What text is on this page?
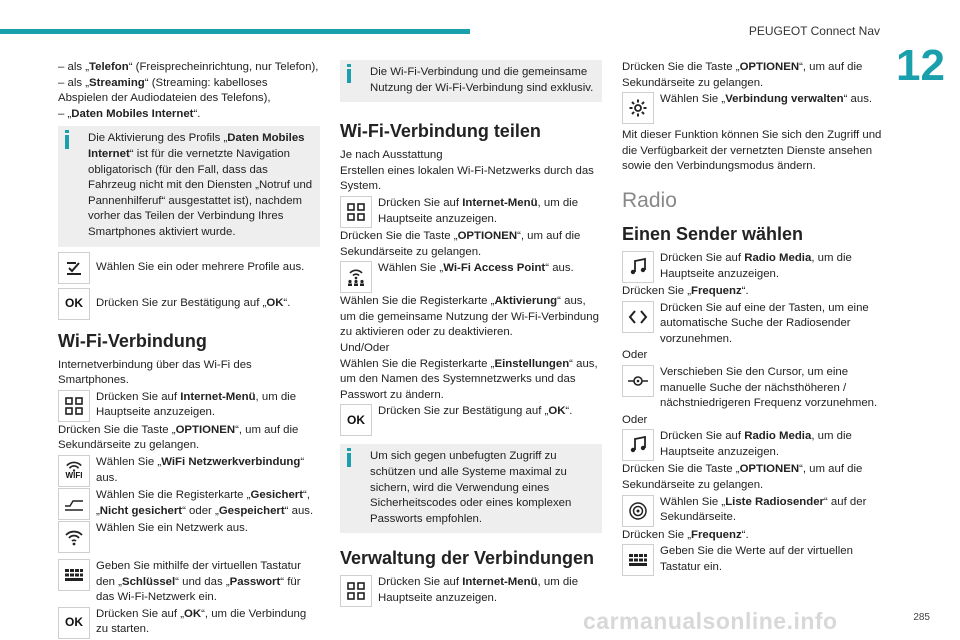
PEUGEOT Connect Nav
12

– als „Telefon“ (Freisprecheinrichtung, nur Telefon),

– als „Streaming“ (Streaming: kabelloses Abspielen der Audiodateien des Telefons),

– „Daten Mobiles Internet“.

Die Aktivierung des Profils „Daten Mobiles Internet“ ist für die vernetzte Navigation obligatorisch (für den Fall, dass das Fahrzeug nicht mit den Diensten „Notruf und Pannenhilferuf“ ausgestattet ist), nachdem vorher das Teilen der Verbindung Ihres Smartphones aktiviert wurde.
Wählen Sie ein oder mehrere Profile aus.
OK Drücken Sie zur Bestätigung auf „OK“.
Wi-Fi-Verbindung

Internetverbindung über das Wi-Fi des Smartphones.

Drücken Sie auf Internet-Menü, um die Hauptseite anzuzeigen.

Drücken Sie die Taste „OPTIONEN“, um auf die Sekundärseite zu gelangen.

WIFI
Wählen Sie „WiFi Netzwerkverbindung“ aus.
Wählen Sie die Registerkarte „Gesichert“, „Nicht gesichert“ oder „Gespeichert“ aus.
Wählen Sie ein Netzwerk aus.
Geben Sie mithilfe der virtuellen Tastatur den „Schlüssel“ und das „Passwort“ für das Wi-Fi-Netzwerk ein.
OK
Drücken Sie auf „OK“, um die Verbindung zu starten.
Die Wi-Fi-Verbindung und die gemeinsame Nutzung der Wi-Fi-Verbindung sind exklusiv.
Wi-Fi-Verbindung teilen

Je nach Ausstattung

Erstellen eines lokalen Wi-Fi-Netzwerks durch das System.

Drücken Sie auf Internet-Menü, um die Hauptseite anzuzeigen.

Drücken Sie die Taste „OPTIONEN“, um auf die Sekundärseite zu gelangen.

Wählen Sie „Wi-Fi Access Point“ aus.

Wählen Sie die Registerkarte „Aktivierung“ aus, um die gemeinsame Nutzung der Wi-Fi-Verbindung zu aktivieren oder zu deaktivieren.

Und/Oder

Wählen Sie die Registerkarte „Einstellungen“ aus, um den Namen des Systemnetzwerks und das Passwort zu ändern.

OK
Drücken Sie zur Bestätigung auf „OK“.
Um sich gegen unbefugten Zugriff zu schützen und alle Systeme maximal zu sichern, wird die Verwendung eines Sicherheitscodes oder eines komplexen Passworts empfohlen.
Verwaltung der Verbindungen
Drücken Sie auf Internet-Menü, um die Hauptseite anzuzeigen.

Drücken Sie die Taste „OPTIONEN“, um auf die Sekundärseite zu gelangen.

Wählen Sie „Verbindung verwalten“ aus.

Mit dieser Funktion können Sie sich den Zugriff und die Verfügbarkeit der vernetzten Dienste ansehen sowie den Verbindungsmodus ändern.

Radio
Einen Sender wählen
Drücken Sie auf Radio Media, um die Hauptseite anzuzeigen.

Drücken Sie „Frequenz“.

Drücken Sie auf eine der Tasten, um eine automatische Suche der Radiosender vorzunehmen.

Oder

Verschieben Sie den Cursor, um eine manuelle Suche der nächsthöheren / nächstniedrigeren Frequenz vorzunehmen.

Oder

Drücken Sie auf Radio Media, um die Hauptseite anzuzeigen.

Drücken Sie die Taste „OPTIONEN“, um auf die Sekundärseite zu gelangen.

Wählen Sie „Liste Radiosender“ auf der Sekundärseite.

Drücken Sie „Frequenz“.

Geben Sie die Werte auf der virtuellen Tastatur ein.
carmanualsonline.info	285
